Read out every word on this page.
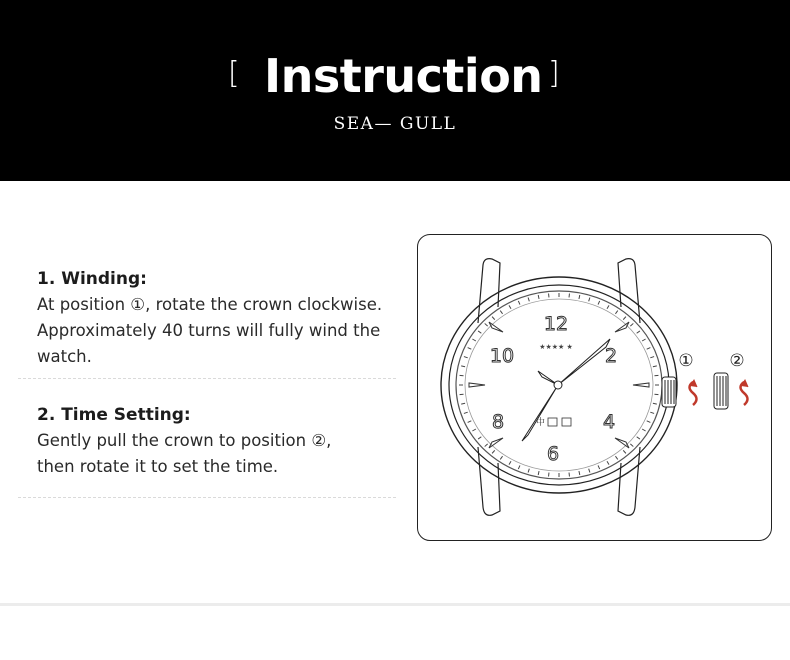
[ Instruction ]
SEA— GULL
1. Winding:
At position ①, rotate the crown clockwise.
Approximately 40 turns will fully wind the
watch.
2. Time Setting:
Gently pull the crown to position ②,
then rotate it to set the time.
12
2
4
6
8
10	★★★★ ★
中
① ②
